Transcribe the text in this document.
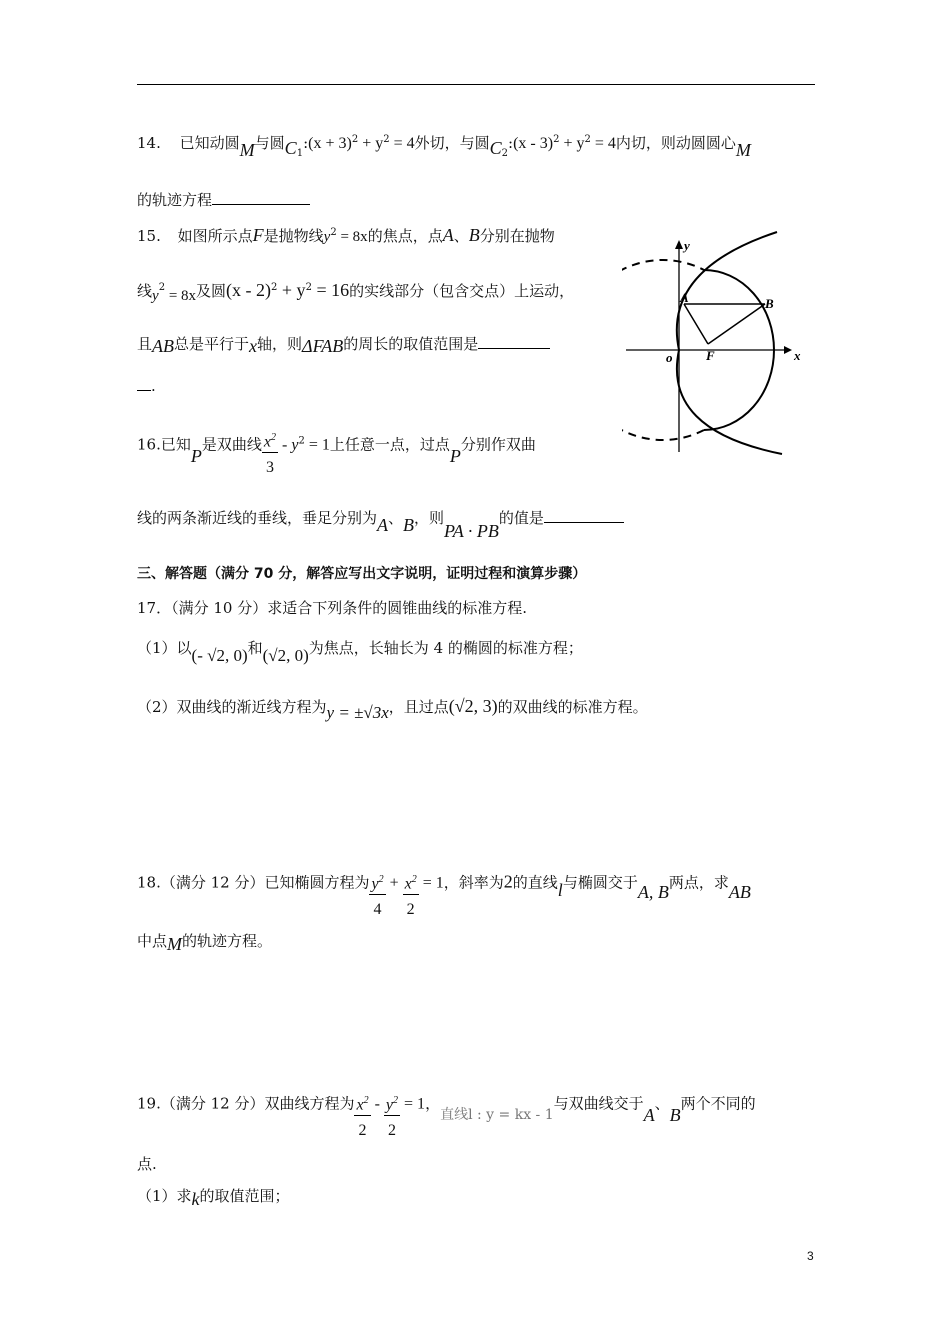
14. 已知动圆M与圆$C_1:(x + 3)^2 + y^2 = 4$外切，与圆$C_2:(x - 3)^2 + y^2 = 4$内切，则动圆圆心M
的轨迹方程
15. 如图所示点F是抛物线$y^2 = 8x$的焦点，点A、B分别在抛物
线$y^2 = 8x$及圆$(x - 2)^2 + y^2 = 16$的实线部分（包含交点）上运动，
且AB总是平行于x轴，则ΔFAB的周长的取值范围是
.
y
x
o	F
A	B
16.已知P是双曲线 $\frac{x^2}{3} - y^2 = 1$上任意一点，过点P分别作双曲
线的两条渐近线的垂线，垂足分别为A、B，则PA · PB的值是
三、解答题（满分 70 分，解答应写出文字说明，证明过程和演算步骤）
17．（满分 10 分）求适合下列条件的圆锥曲线的标准方程.
（1）以(- √2, 0)和(√2, 0)为焦点，长轴长为 4 的椭圆的标准方程；
（2）双曲线的渐近线方程为y = ±√3x，且过点(√2, 3)的双曲线的标准方程。
18.（满分 12 分）已知椭圆方程为 $\frac{y^2}{4} + \frac{x^2}{2} = 1$，斜率为2的直线l与椭圆交于A, B两点，求AB
中点M的轨迹方程。
19.（满分 12 分）双曲线方程为 $\frac{x^2}{2} - \frac{y^2}{2} = 1$，直线l : y = kx - 1与双曲线交于A、B两个不同的
点.
（1）求k的取值范围；
3
